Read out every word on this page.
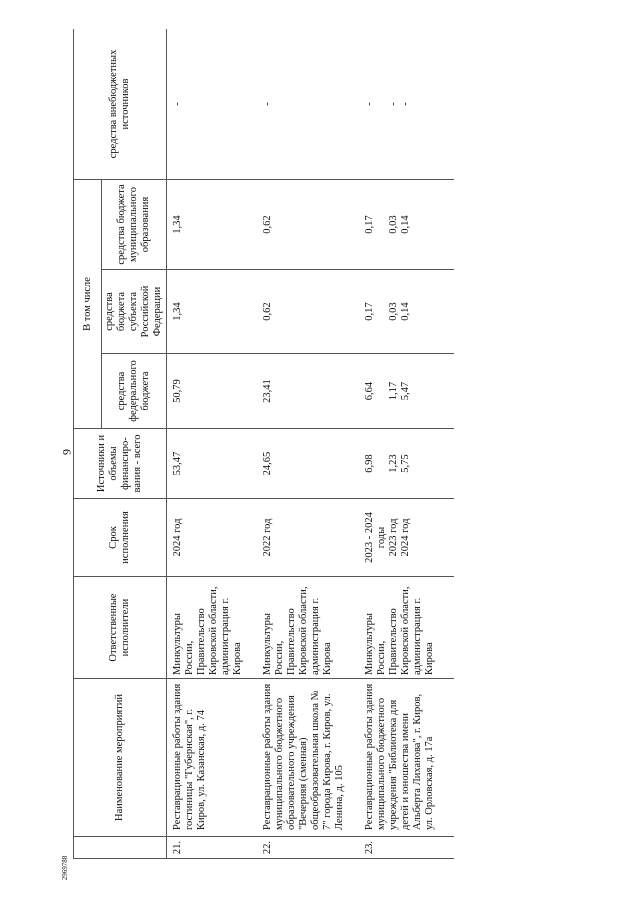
9
2969788
	Наименование мероприятий	Ответственные исполнители	Срок исполнения	Источники и объемы финансиро-вания - всего	В том числе			средства внебюджетных источников
					средства федерального бюджета	средства бюджета субъекта Российской Федерации	средства бюджета муниципального образования	
21.	Реставрационные работы здания гостиницы "Губернская", г. Киров, ул. Казанская, д. 74	Минкультуры России, Правительство Кировской области, администрация г. Кирова	2024 год	53,47	50,79	1,34	1,34	-
22.	Реставрационные работы здания муниципального бюджетного образовательного учреждения "Вечерняя (сменная) общеобразовательная школа № 7" города Кирова, г. Киров, ул. Ленина, д. 105	Минкультуры России, Правительство Кировской области, администрация г. Кирова	2022 год	24,65	23,41	0,62	0,62	-
23.	Реставрационные работы здания муниципального бюджетного учреждения "Библиотека для детей и юношества имени Альберта Лиханова", г. Киров, ул. Орловская, д. 17а	Минкультуры России, Правительство Кировской области, администрация г. Кирова	2023 - 2024 годы 2023 год 2024 год	6,98 1,23 5,75	6,64 1,17 5,47	0,17 0,03 0,14	0,17 0,03 0,14	- - -
